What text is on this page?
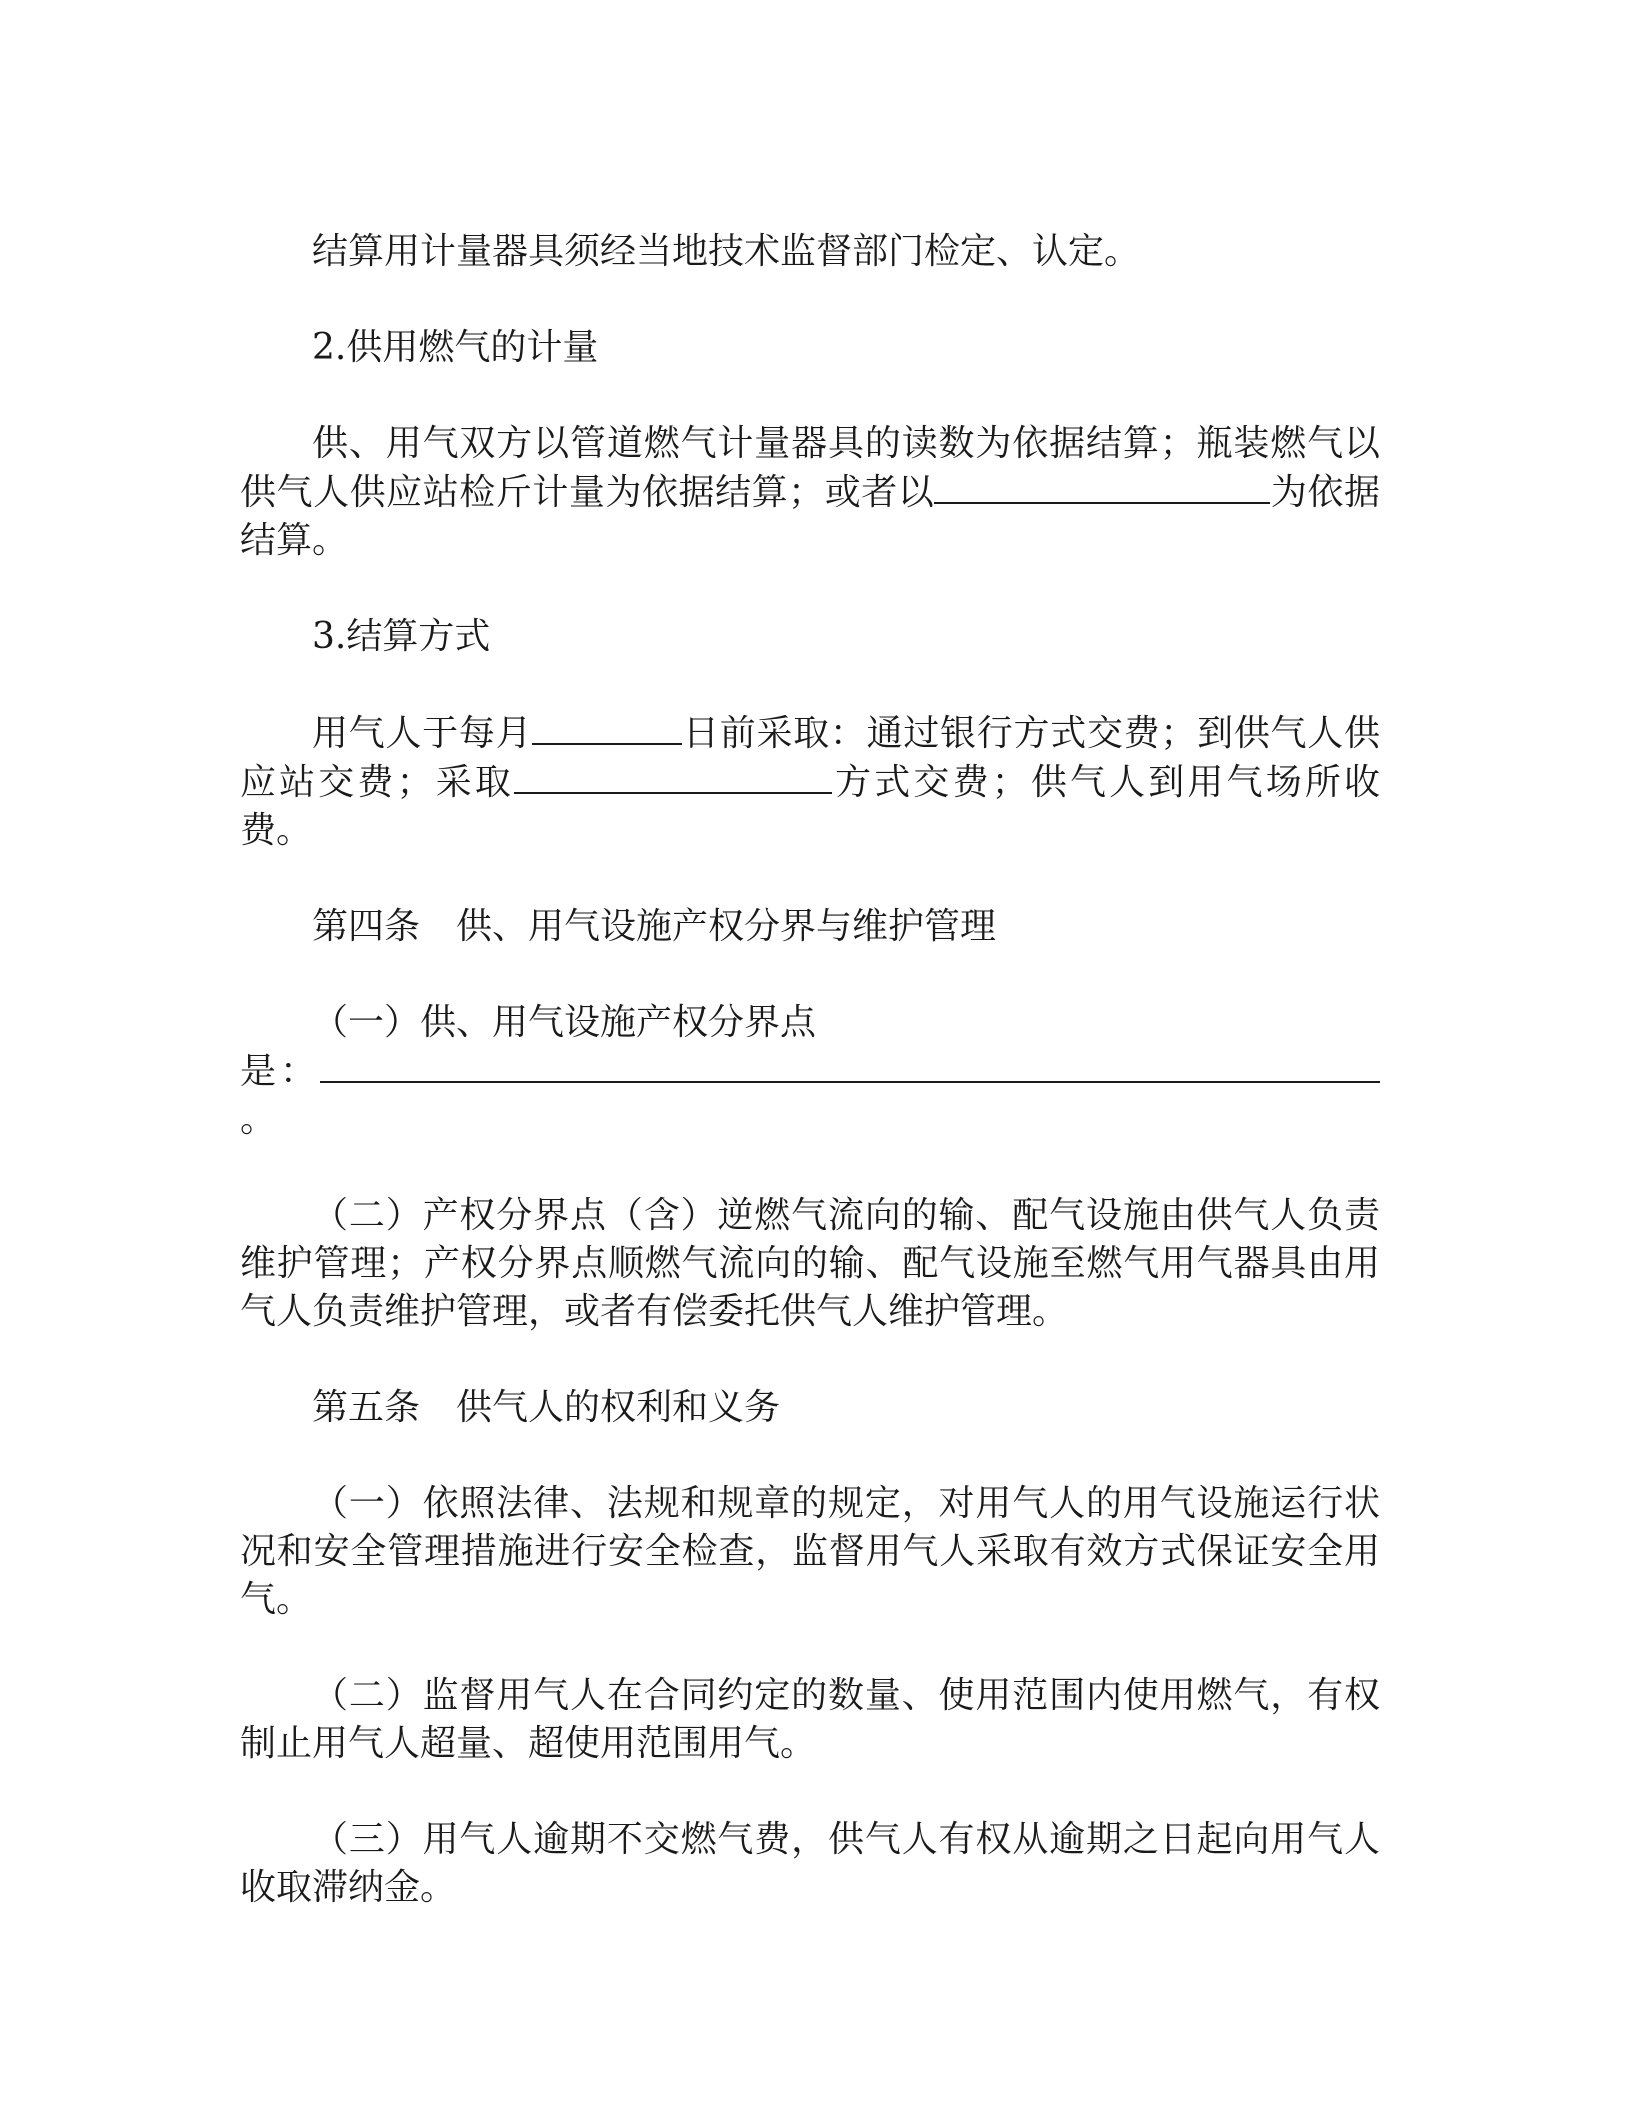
结算用计量器具须经当地技术监督部门检定、认定。

2.供用燃气的计量

供、用气双方以管道燃气计量器具的读数为依据结算；瓶装燃气以供气人供应站检斤计量为依据结算；或者以	为依据结算。

3.结算方式

用气人于每月	日前采取：通过银行方式交费；到供气人供应站交费；采取	方式交费；供气人到用气场所收费。

第四条　供、用气设施产权分界与维护管理

（一）供、用气设施产权分界点

是：。

（二）产权分界点（含）逆燃气流向的输、配气设施由供气人负责维护管理；产权分界点顺燃气流向的输、配气设施至燃气用气器具由用气人负责维护管理，或者有偿委托供气人维护管理。

第五条　供气人的权利和义务

（一）依照法律、法规和规章的规定，对用气人的用气设施运行状况和安全管理措施进行安全检查，监督用气人采取有效方式保证安全用气。

（二）监督用气人在合同约定的数量、使用范围内使用燃气，有权制止用气人超量、超使用范围用气。

（三）用气人逾期不交燃气费，供气人有权从逾期之日起向用气人收取滞纳金。
